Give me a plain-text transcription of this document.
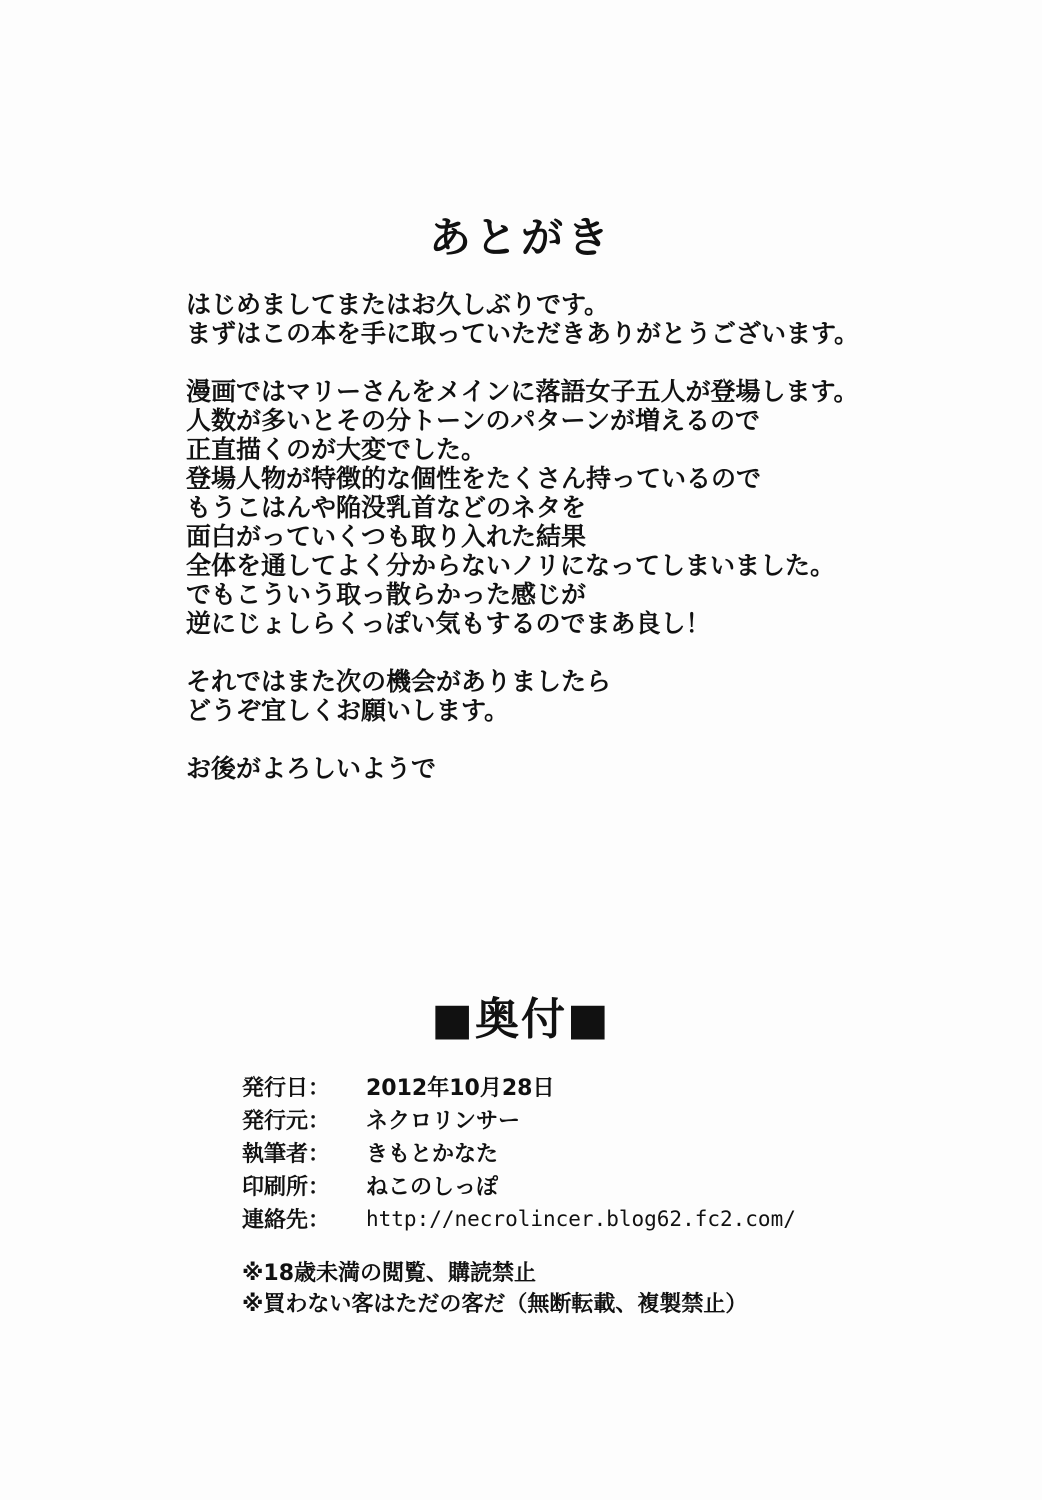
あとがき
はじめましてまたはお久しぶりです。
まずはこの本を手に取っていただきありがとうございます。
漫画ではマリーさんをメインに落語女子五人が登場します。
人数が多いとその分トーンのパターンが増えるので
正直描くのが大変でした。
登場人物が特徴的な個性をたくさん持っているので
もうこはんや陥没乳首などのネタを
面白がっていくつも取り入れた結果
全体を通してよく分からないノリになってしまいました。
でもこういう取っ散らかった感じが
逆にじょしらくっぽい気もするのでまあ良し！
それではまた次の機会がありましたら
どうぞ宜しくお願いします。
お後がよろしいようで
■奥付■
発行日：	2012年10月28日
発行元：	ネクロリンサー
執筆者：	きもとかなた
印刷所：	ねこのしっぽ
連絡先：	http://necrolincer.blog62.fc2.com/
※18歳未満の閲覧、購読禁止
※買わない客はただの客だ（無断転載、複製禁止）
